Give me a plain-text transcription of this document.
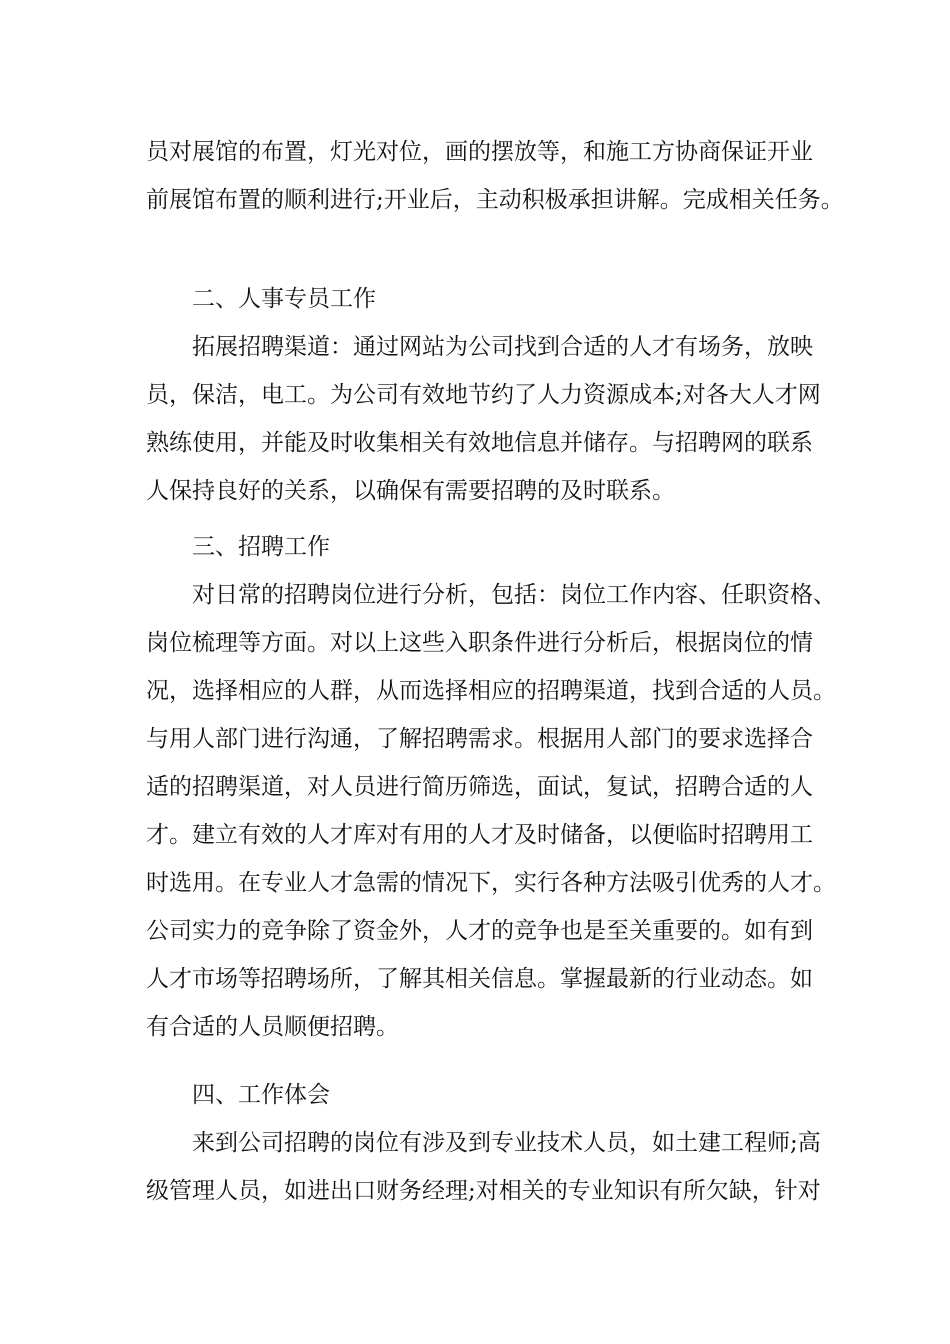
员对展馆的布置，灯光对位，画的摆放等，和施工方协商保证开业
前展馆布置的顺利进行;开业后，主动积极承担讲解。完成相关任务。
二、人事专员工作
拓展招聘渠道：通过网站为公司找到合适的人才有场务，放映
员，保洁，电工。为公司有效地节约了人力资源成本;对各大人才网
熟练使用，并能及时收集相关有效地信息并储存。与招聘网的联系
人保持良好的关系，以确保有需要招聘的及时联系。
三、招聘工作
对日常的招聘岗位进行分析，包括：岗位工作内容、任职资格、
岗位梳理等方面。对以上这些入职条件进行分析后，根据岗位的情
况，选择相应的人群，从而选择相应的招聘渠道，找到合适的人员。
与用人部门进行沟通，了解招聘需求。根据用人部门的要求选择合
适的招聘渠道，对人员进行简历筛选，面试，复试，招聘合适的人
才。建立有效的人才库对有用的人才及时储备，以便临时招聘用工
时选用。在专业人才急需的情况下，实行各种方法吸引优秀的人才。
公司实力的竞争除了资金外，人才的竞争也是至关重要的。如有到
人才市场等招聘场所，了解其相关信息。掌握最新的行业动态。如
有合适的人员顺便招聘。
四、工作体会
来到公司招聘的岗位有涉及到专业技术人员，如土建工程师;高
级管理人员，如进出口财务经理;对相关的专业知识有所欠缺，针对
